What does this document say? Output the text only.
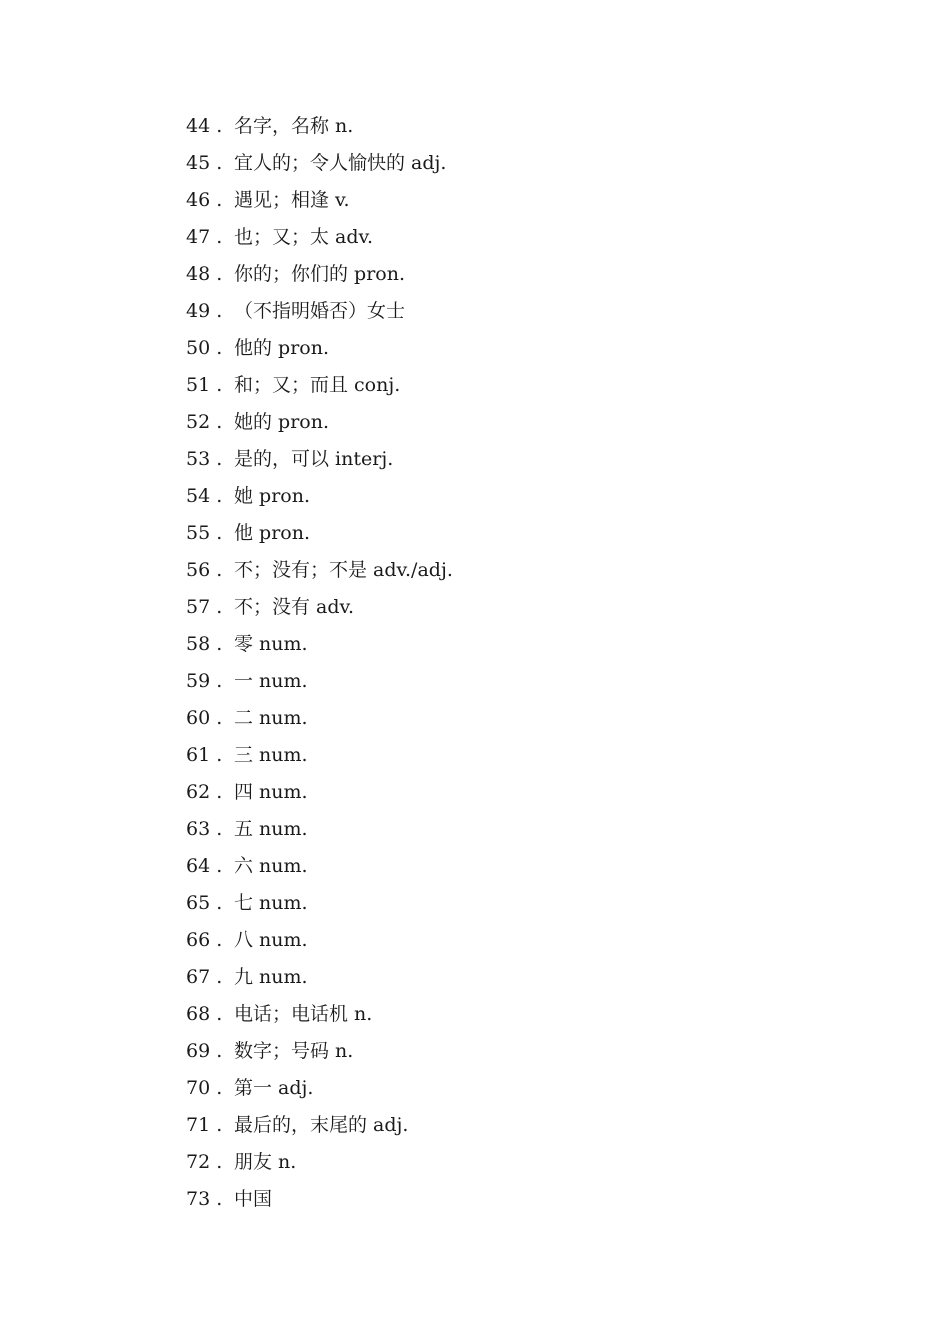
44 . 名字，名称 n.
45 . 宜人的；令人愉快的 adj.
46 . 遇见；相逢 v.
47 . 也；又；太 adv.
48 . 你的；你们的 pron.
49 . （不指明婚否）女士
50 . 他的 pron.
51 . 和；又；而且 conj.
52 . 她的 pron.
53 . 是的，可以 interj.
54 . 她 pron.
55 . 他 pron.
56 . 不；没有；不是 adv./adj.
57 . 不；没有 adv.
58 . 零 num.
59 . 一 num.
60 . 二 num.
61 . 三 num.
62 . 四 num.
63 . 五 num.
64 . 六 num.
65 . 七 num.
66 . 八 num.
67 . 九 num.
68 . 电话；电话机 n.
69 . 数字；号码 n.
70 . 第一 adj.
71 . 最后的，末尾的 adj.
72 . 朋友 n.
73 . 中国
